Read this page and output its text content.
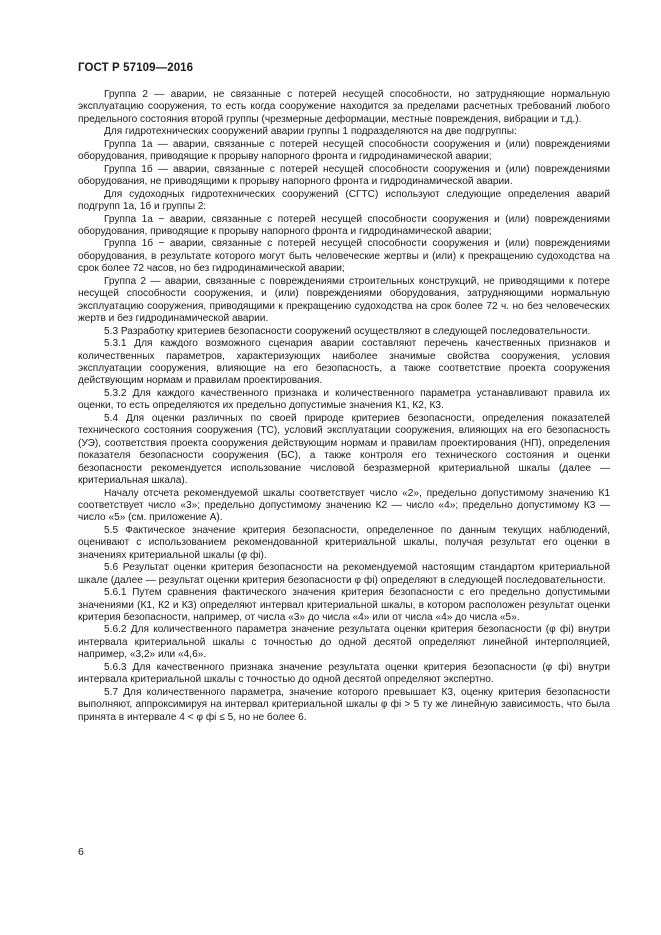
ГОСТ Р 57109—2016

Группа 2 — аварии, не связанные с потерей несущей способности, но затрудняющие нормальную эксплуатацию сооружения, то есть когда сооружение находится за пределами расчетных требований любого предельного состояния второй группы (чрезмерные деформации, местные повреждения, вибрации и т.д.).

Для гидротехнических сооружений аварии группы 1 подразделяются на две подгруппы:

Группа 1а — аварии, связанные с потерей несущей способности сооружения и (или) повреждениями оборудования, приводящие к прорыву напорного фронта и гидродинамической аварии;

Группа 1б — аварии, связанные с потерей несущей способности сооружения и (или) повреждениями оборудования, не приводящими к прорыву напорного фронта и гидродинамической аварии.

Для судоходных гидротехнических сооружений (СГТС) используют следующие определения аварий подгрупп 1а, 1б и группы 2:

Группа 1а − аварии, связанные с потерей несущей способности сооружения и (или) повреждениями оборудования, приводящие к прорыву напорного фронта и гидродинамической аварии;

Группа 1б − аварии, связанные с потерей несущей способности сооружения и (или) повреждениями оборудования, в результате которого могут быть человеческие жертвы и (или) к прекращению судоходства на срок более 72 часов, но без гидродинамической аварии;

Группа 2 — аварии, связанные с повреждениями строительных конструкций, не приводящими к потере несущей способности сооружения, и (или) повреждениями оборудования, затрудняющими нормальную эксплуатацию сооружения, приводящими к прекращению судоходства на срок более 72 ч. но без человеческих жертв и без гидродинамической аварии.

5.3 Разработку критериев безопасности сооружений осуществляют в следующей последовательности.

5.3.1 Для каждого возможного сценария аварии составляют перечень качественных признаков и количественных параметров, характеризующих наиболее значимые свойства сооружения, условия эксплуатации сооружения, влияющие на его безопасность, а также соответствие проекта сооружения действующим нормам и правилам проектирования.

5.3.2 Для каждого качественного признака и количественного параметра устанавливают правила их оценки, то есть определяются их предельно допустимые значения К1, К2, К3.

5.4 Для оценки различных по своей природе критериев безопасности, определения показателей технического состояния сооружения (ТС), условий эксплуатации сооружения, влияющих на его безопасность (УЭ), соответствия проекта сооружения действующим нормам и правилам проектирования (НП), определения показателя безопасности сооружения (БС), а также контроля его технического состояния и оценки безопасности рекомендуется использование числовой безразмерной критериальной шкалы (далее — критериальная шкала).

Началу отсчета рекомендуемой шкалы соответствует число «2», предельно допустимому значению К1 соответствует число «3»; предельно допустимому значению К2 — число «4»; предельно допустимому К3 — число «5» (см. приложение А).

5.5 Фактическое значение критерия безопасности, определенное по данным текущих наблюдений, оценивают с использованием рекомендованной критериальной шкалы, получая результат его оценки в значениях критериальной шкалы (φ фi).

5.6 Результат оценки критерия безопасности на рекомендуемой настоящим стандартом критериальной шкале (далее — результат оценки критерия безопасности φ фi) определяют в следующей последовательности.

5.6.1 Путем сравнения фактического значения критерия безопасности с его предельно допустимыми значениями (К1, К2 и К3) определяют интервал критериальной шкалы, в котором расположен результат оценки критерия безопасности, например, от числа «3» до числа «4» или от числа «4» до числа «5».

5.6.2 Для количественного параметра значение результата оценки критерия безопасности (φ фi) внутри интервала критериальной шкалы с точностью до одной десятой определяют линейной интерполяцией, например, «3,2» или «4,6».

5.6.3 Для качественного признака значение результата оценки критерия безопасности (φ фi) внутри интервала критериальной шкалы с точностью до одной десятой определяют экспертно.

5.7 Для количественного параметра, значение которого превышает К3, оценку критерия безопасности выполняют, аппроксимируя на интервал критериальной шкалы φ фi > 5 ту же линейную зависимость, что была принята в интервале 4 < φ фi ≤ 5, но не более 6.

6
